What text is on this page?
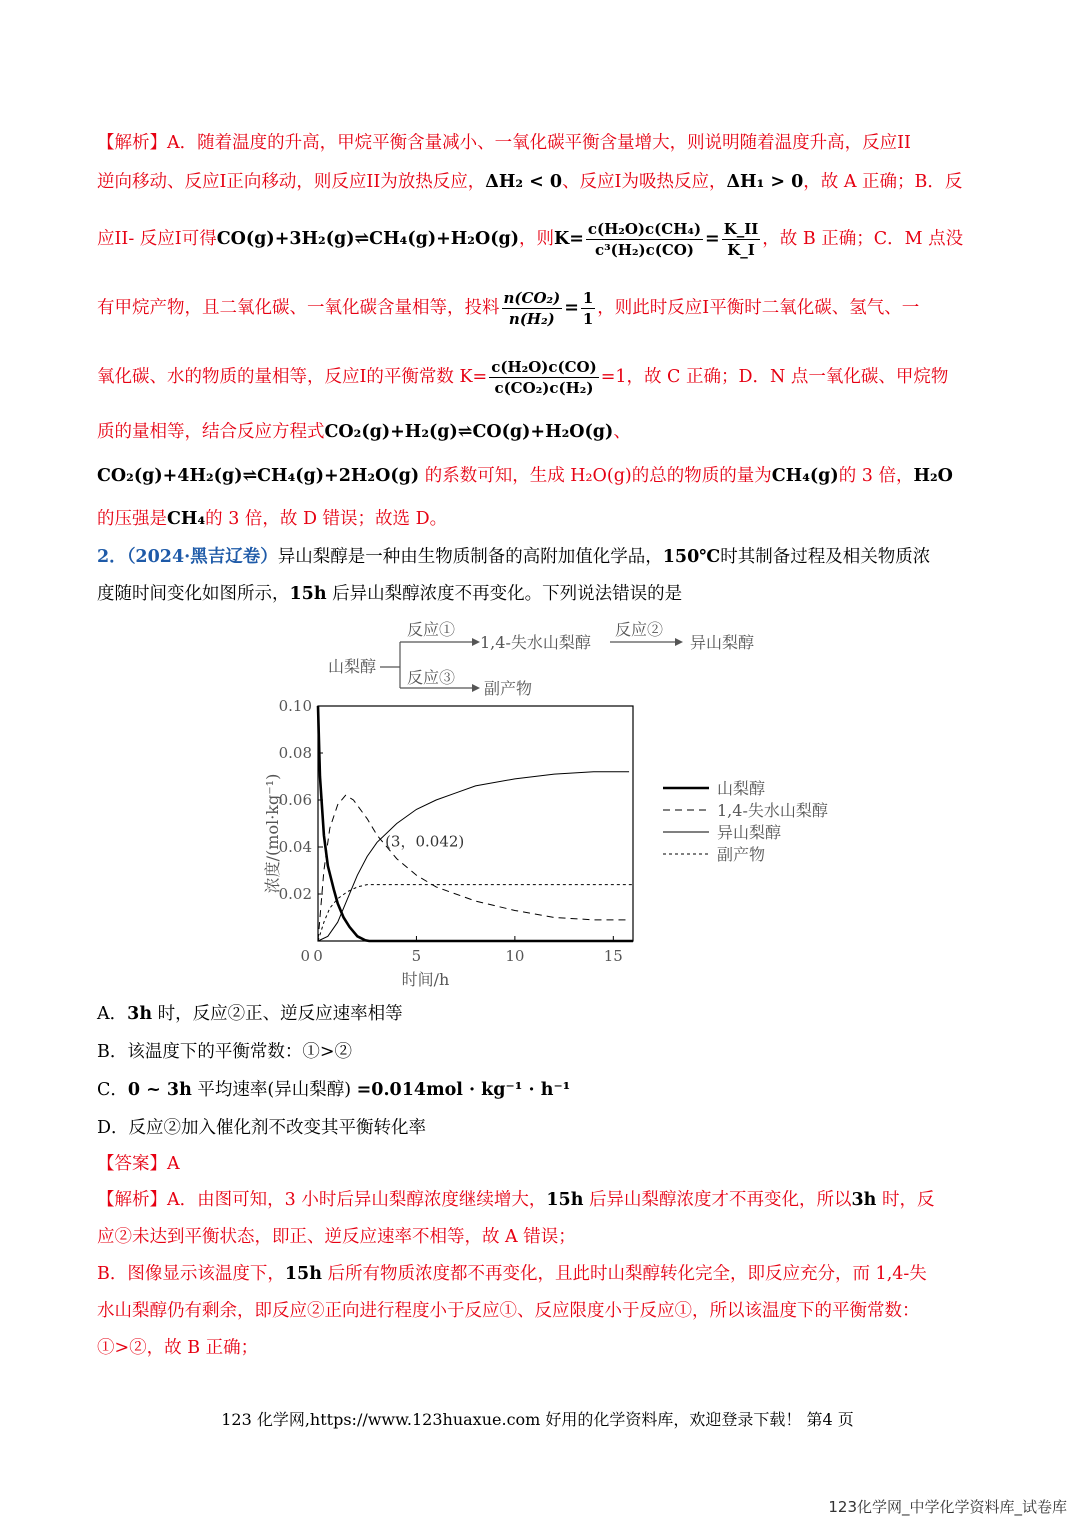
【解析】A．随着温度的升高，甲烷平衡含量减小、一氧化碳平衡含量增大，则说明随着温度升高，反应II
逆向移动、反应I正向移动，则反应II为放热反应，ΔH₂ < 0、反应I为吸热反应，ΔH₁ > 0，故 A 正确；B．反
应II- 反应I可得CO(g)+3H₂(g)⇌CH₄(g)+H₂O(g)，则$K= \frac{\text{c(H₂O)c(CH₄)}}{\text{c³(H₂)c(CO)}} = \frac{K\_II}{K\_I}$ ，故 B 正确；C．M 点没
有甲烷产物，且二氧化碳、一氧化碳含量相等，投料 $\frac{\text{n(CO₂)}}{\text{n(H₂)}} = \frac{1}{1}$ ，则此时反应I平衡时二氧化碳、氢气、一
氧化碳、水的物质的量相等，反应I的平衡常数 $K= \frac{\text{c(H₂O)c(CO)}}{\text{c(CO₂)c(H₂)}} =1$，故 C 正确；D．N 点一氧化碳、甲烷物
质的量相等，结合反应方程式CO₂(g)+H₂(g)⇌CO(g)+H₂O(g)、
CO₂(g)+4H₂(g)⇌CH₄(g)+2H₂O(g) 的系数可知，生成 H₂O(g)的总的物质的量为CH₄(g)的 3 倍，H₂O
的压强是CH₄的 3 倍，故 D 错误；故选 D。
2．（2024·黑吉辽卷）异山梨醇是一种由生物质制备的高附加值化学品，150℃时其制备过程及相关物质浓
度随时间变化如图所示，15h 后异山梨醇浓度不再变化。下列说法错误的是
山梨醇
反应①
1,4-失水山梨醇
反应②
异山梨醇
反应③
副产物
0	5	10	15
0.02
0.04
0.06
0.08
0.10
0
时间/h
浓度/(mol·kg⁻¹)	(3，0.042)
山梨醇
1,4-失水山梨醇
异山梨醇
副产物
A．3h 时，反应②正、逆反应速率相等
B．该温度下的平衡常数：①>②
C．0 ~ 3h 平均速率(异山梨醇) =0.014mol · kg⁻¹ · h⁻¹
D．反应②加入催化剂不改变其平衡转化率
【答案】A
【解析】A．由图可知，3 小时后异山梨醇浓度继续增大，15h 后异山梨醇浓度才不再变化，所以3h 时，反
应②未达到平衡状态，即正、逆反应速率不相等，故 A 错误；
B．图像显示该温度下，15h 后所有物质浓度都不再变化，且此时山梨醇转化完全，即反应充分，而 1,4-失
水山梨醇仍有剩余，即反应②正向进行程度小于反应①、反应限度小于反应①，所以该温度下的平衡常数：
①>②，故 B 正确；
123 化学网,https://www.123huaxue.com 好用的化学资料库，欢迎登录下载！ 第4 页
123化学网_中学化学资料库_试卷库
